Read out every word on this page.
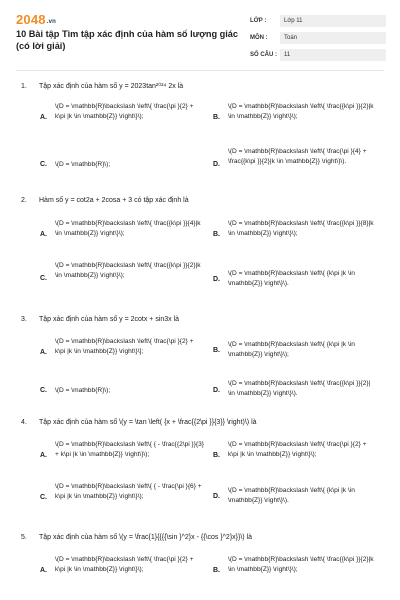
2048.vn
10 Bài tập Tìm tập xác định của hàm số lượng giác (có lời giải)
LỚP :	Lớp 11
MÔN :	Toán
SỐ CÂU :	11
1. Tập xác định của hàm số y = 2023tan²⁰²⁴ 2x là
A.
\(D = \mathbb{R}\backslash \left\{ \frac{\pi }{2} + k\pi |k \in \mathbb{Z}} \right\}\);	B.
\(D = \mathbb{R}\backslash \left\{ \frac{{k\pi }}{2}|k \in \mathbb{Z}} \right\}\);
C. \(D = \mathbb{R}\);	D.
\(D = \mathbb{R}\backslash \left\{ \frac{\pi }{4} + \frac{{k\pi }}{2}|k \in \mathbb{Z}} \right\}\).
2. Hàm số y = cot2a + 2cosa + 3 có tập xác định là
A.
\(D = \mathbb{R}\backslash \left\{ \frac{{k\pi }}{4}|k \in \mathbb{Z}} \right\}\);	B.
\(D = \mathbb{R}\backslash \left\{ \frac{{k\pi }}{8}|k \in \mathbb{Z}} \right\}\);
C.
\(D = \mathbb{R}\backslash \left\{ \frac{{k\pi }}{2}|k \in \mathbb{Z}} \right\}\);
D.
\(D = \mathbb{R}\backslash \left\{ {k\pi |k \in \mathbb{Z}} \right\}\).
3. Tập xác định của hàm số y = 2cotx + sin3x là
A.
\(D = \mathbb{R}\backslash \left\{ \frac{\pi }{2} + k\pi |k \in \mathbb{Z}} \right\}\];	B.
\(D = \mathbb{R}\backslash \left\{ {k\pi |k \in \mathbb{Z}} \right\}\);
C. \(D = \mathbb{R}\);	D.
\(D = \mathbb{R}\backslash \left\{ \frac{{k\pi }}{2}| \in \mathbb{Z}} \right\}\).
4. Tập xác định của hàm số \(y = \tan \left( {x + \frac{{2\pi }}{3}} \right)\) là
A.
\(D = \mathbb{R}\backslash \left\{ { - \frac{{2\pi }}{3} + k\pi |k \in \mathbb{Z}} \right\}\);	B.
\(D = \mathbb{R}\backslash \left\{ \frac{\pi }{2} + k\pi |k \in \mathbb{Z}} \right\}\);
C.
\(D = \mathbb{R}\backslash \left\{ { - \frac{\pi }{6} + k\pi |k \in \mathbb{Z}} \right\}\);	D.
\(D = \mathbb{R}\backslash \left\{ {k\pi |k \in \mathbb{Z}} \right\}\).
5. Tập xác định của hàm số \(y = \frac{1}{{{{\sin }^2}x - {{\cos }^2}x}}\) là
A.
\(D = \mathbb{R}\backslash \left\{ \frac{\pi }{2} + k\pi |k \in \mathbb{Z}} \right\}\);	B.
\(D = \mathbb{R}\backslash \left\{ \frac{{k\pi }}{2}|k \in \mathbb{Z}} \right\}\);
